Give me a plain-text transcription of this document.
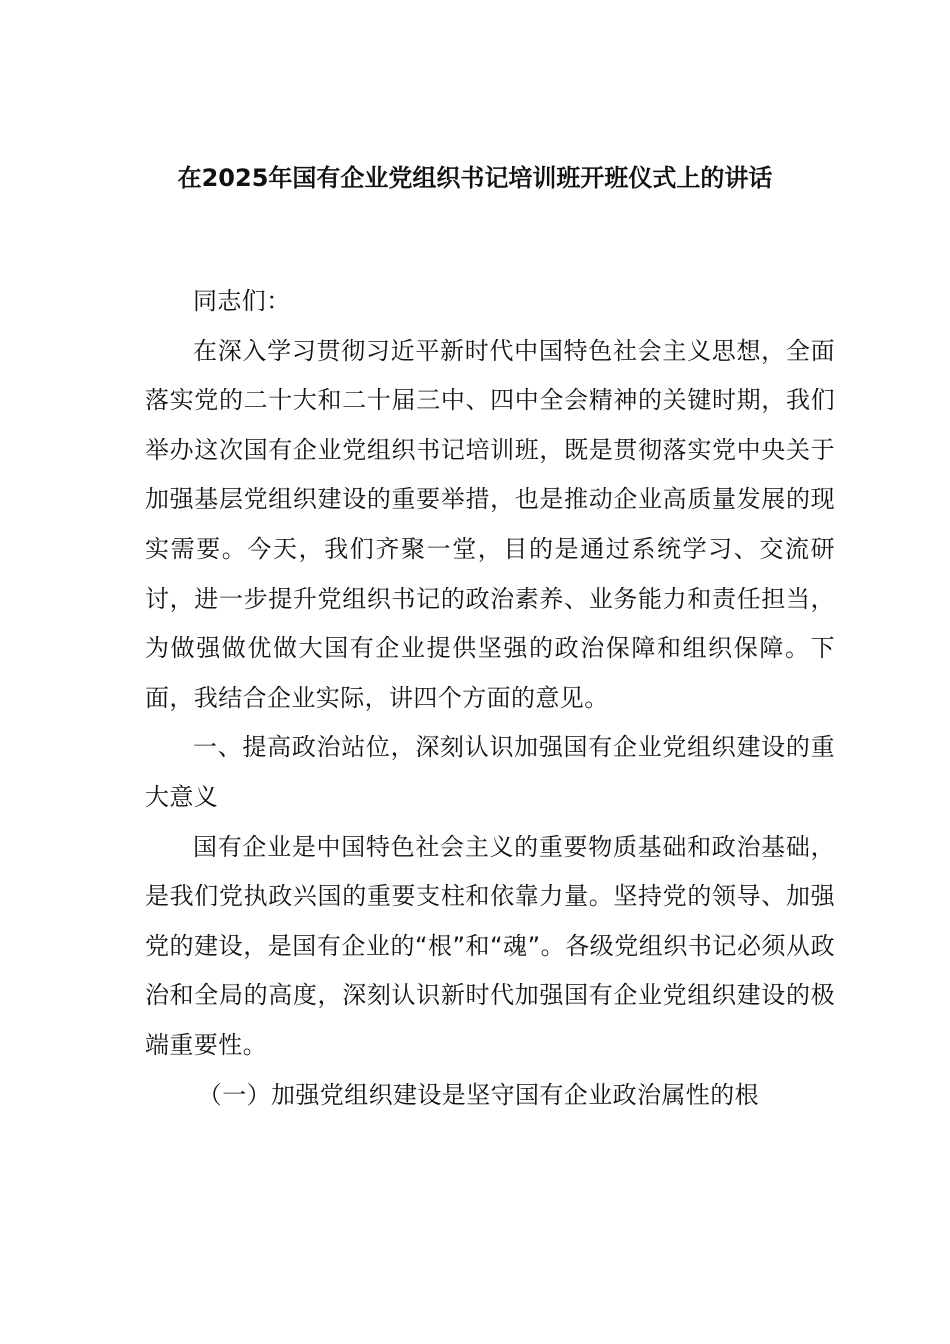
在2025年国有企业党组织书记培训班开班仪式上的讲话

同志们：

在深入学习贯彻习近平新时代中国特色社会主义思想，全面落实党的二十大和二十届三中、四中全会精神的关键时期，我们举办这次国有企业党组织书记培训班，既是贯彻落实党中央关于加强基层党组织建设的重要举措，也是推动企业高质量发展的现实需要。今天，我们齐聚一堂，目的是通过系统学习、交流研讨，进一步提升党组织书记的政治素养、业务能力和责任担当，为做强做优做大国有企业提供坚强的政治保障和组织保障。下面，我结合企业实际，讲四个方面的意见。

一、提高政治站位，深刻认识加强国有企业党组织建设的重大意义

国有企业是中国特色社会主义的重要物质基础和政治基础，是我们党执政兴国的重要支柱和依靠力量。坚持党的领导、加强党的建设，是国有企业的“根”和“魂”。各级党组织书记必须从政治和全局的高度，深刻认识新时代加强国有企业党组织建设的极端重要性。

（一）加强党组织建设是坚守国有企业政治属性的根
